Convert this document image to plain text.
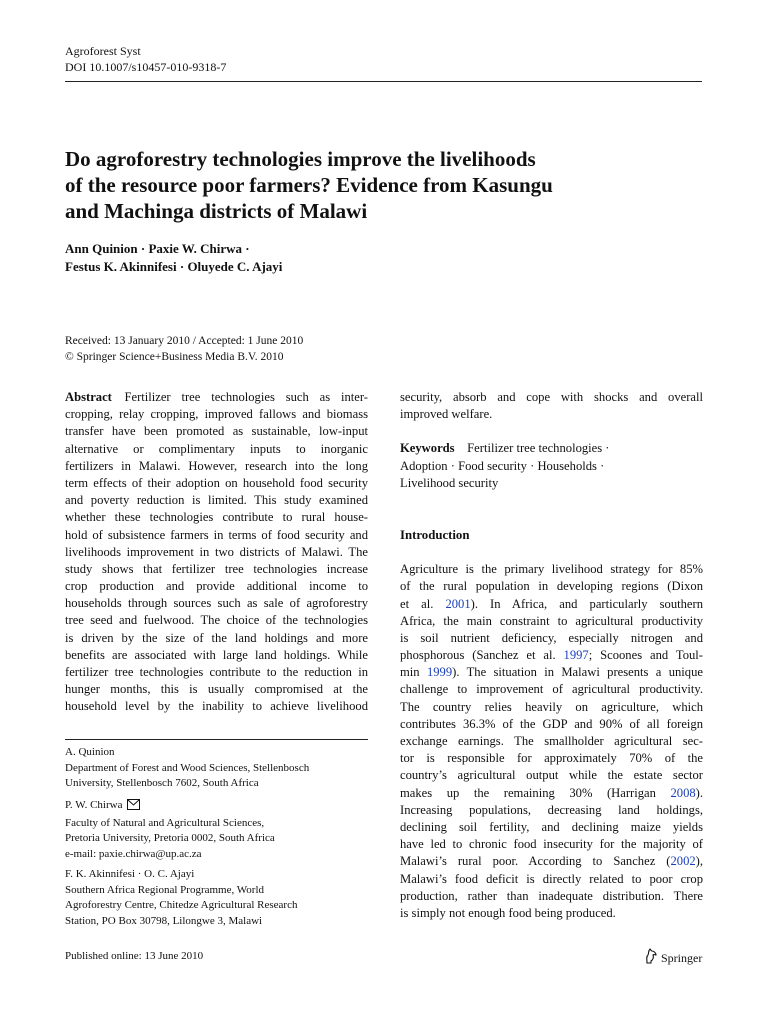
Agroforest Syst
DOI 10.1007/s10457-010-9318-7
Do agroforestry technologies improve the livelihoods
of the resource poor farmers? Evidence from Kasungu
and Machinga districts of Malawi
Ann Quinion · Paxie W. Chirwa ·
Festus K. Akinnifesi · Oluyede C. Ajayi
Received: 13 January 2010 / Accepted: 1 June 2010
© Springer Science+Business Media B.V. 2010
Abstract  Fertilizer tree technologies such as inter-
cropping, relay cropping, improved fallows and biomass
transfer have been promoted as sustainable, low-input
alternative or complimentary inputs to inorganic
fertilizers in Malawi. However, research into the long
term effects of their adoption on household food security
and poverty reduction is limited. This study examined
whether these technologies contribute to rural house-
hold of subsistence farmers in terms of food security and
livelihoods improvement in two districts of Malawi. The
study shows that fertilizer tree technologies increase
crop production and provide additional income to
households through sources such as sale of agroforestry
tree seed and fuelwood. The choice of the technologies
is driven by the size of the land holdings and more
benefits are associated with large land holdings. While
fertilizer tree technologies contribute to the reduction in
hunger months, this is usually compromised at the
household level by the inability to achieve livelihood
A. Quinion
Department of Forest and Wood Sciences, Stellenbosch
University, Stellenbosch 7602, South Africa
P. W. Chirwa
Faculty of Natural and Agricultural Sciences,
Pretoria University, Pretoria 0002, South Africa
e-mail: paxie.chirwa@up.ac.za
F. K. Akinnifesi · O. C. Ajayi
Southern Africa Regional Programme, World
Agroforestry Centre, Chitedze Agricultural Research
Station, PO Box 30798, Lilongwe 3, Malawi
security, absorb and cope with shocks and overall
improved welfare.
Keywords  Fertilizer tree technologies ·
Adoption · Food security · Households ·
Livelihood security
Introduction
Agriculture is the primary livelihood strategy for 85%
of the rural population in developing regions (Dixon
et al. 2001). In Africa, and particularly southern
Africa, the main constraint to agricultural productivity
is soil nutrient deficiency, especially nitrogen and
phosphorous (Sanchez et al. 1997; Scoones and Toul-
min 1999). The situation in Malawi presents a unique
challenge to improvement of agricultural productivity.
The country relies heavily on agriculture, which
contributes 36.3% of the GDP and 90% of all foreign
exchange earnings. The smallholder agricultural sec-
tor is responsible for approximately 70% of the
country’s agricultural output while the estate sector
makes up the remaining 30% (Harrigan 2008).
Increasing populations, decreasing land holdings,
declining soil fertility, and declining maize yields
have led to chronic food insecurity for the majority of
Malawi’s rural poor. According to Sanchez (2002),
Malawi’s food deficit is directly related to poor crop
production, rather than inadequate distribution. There
is simply not enough food being produced.
Published online: 13 June 2010	Springer
